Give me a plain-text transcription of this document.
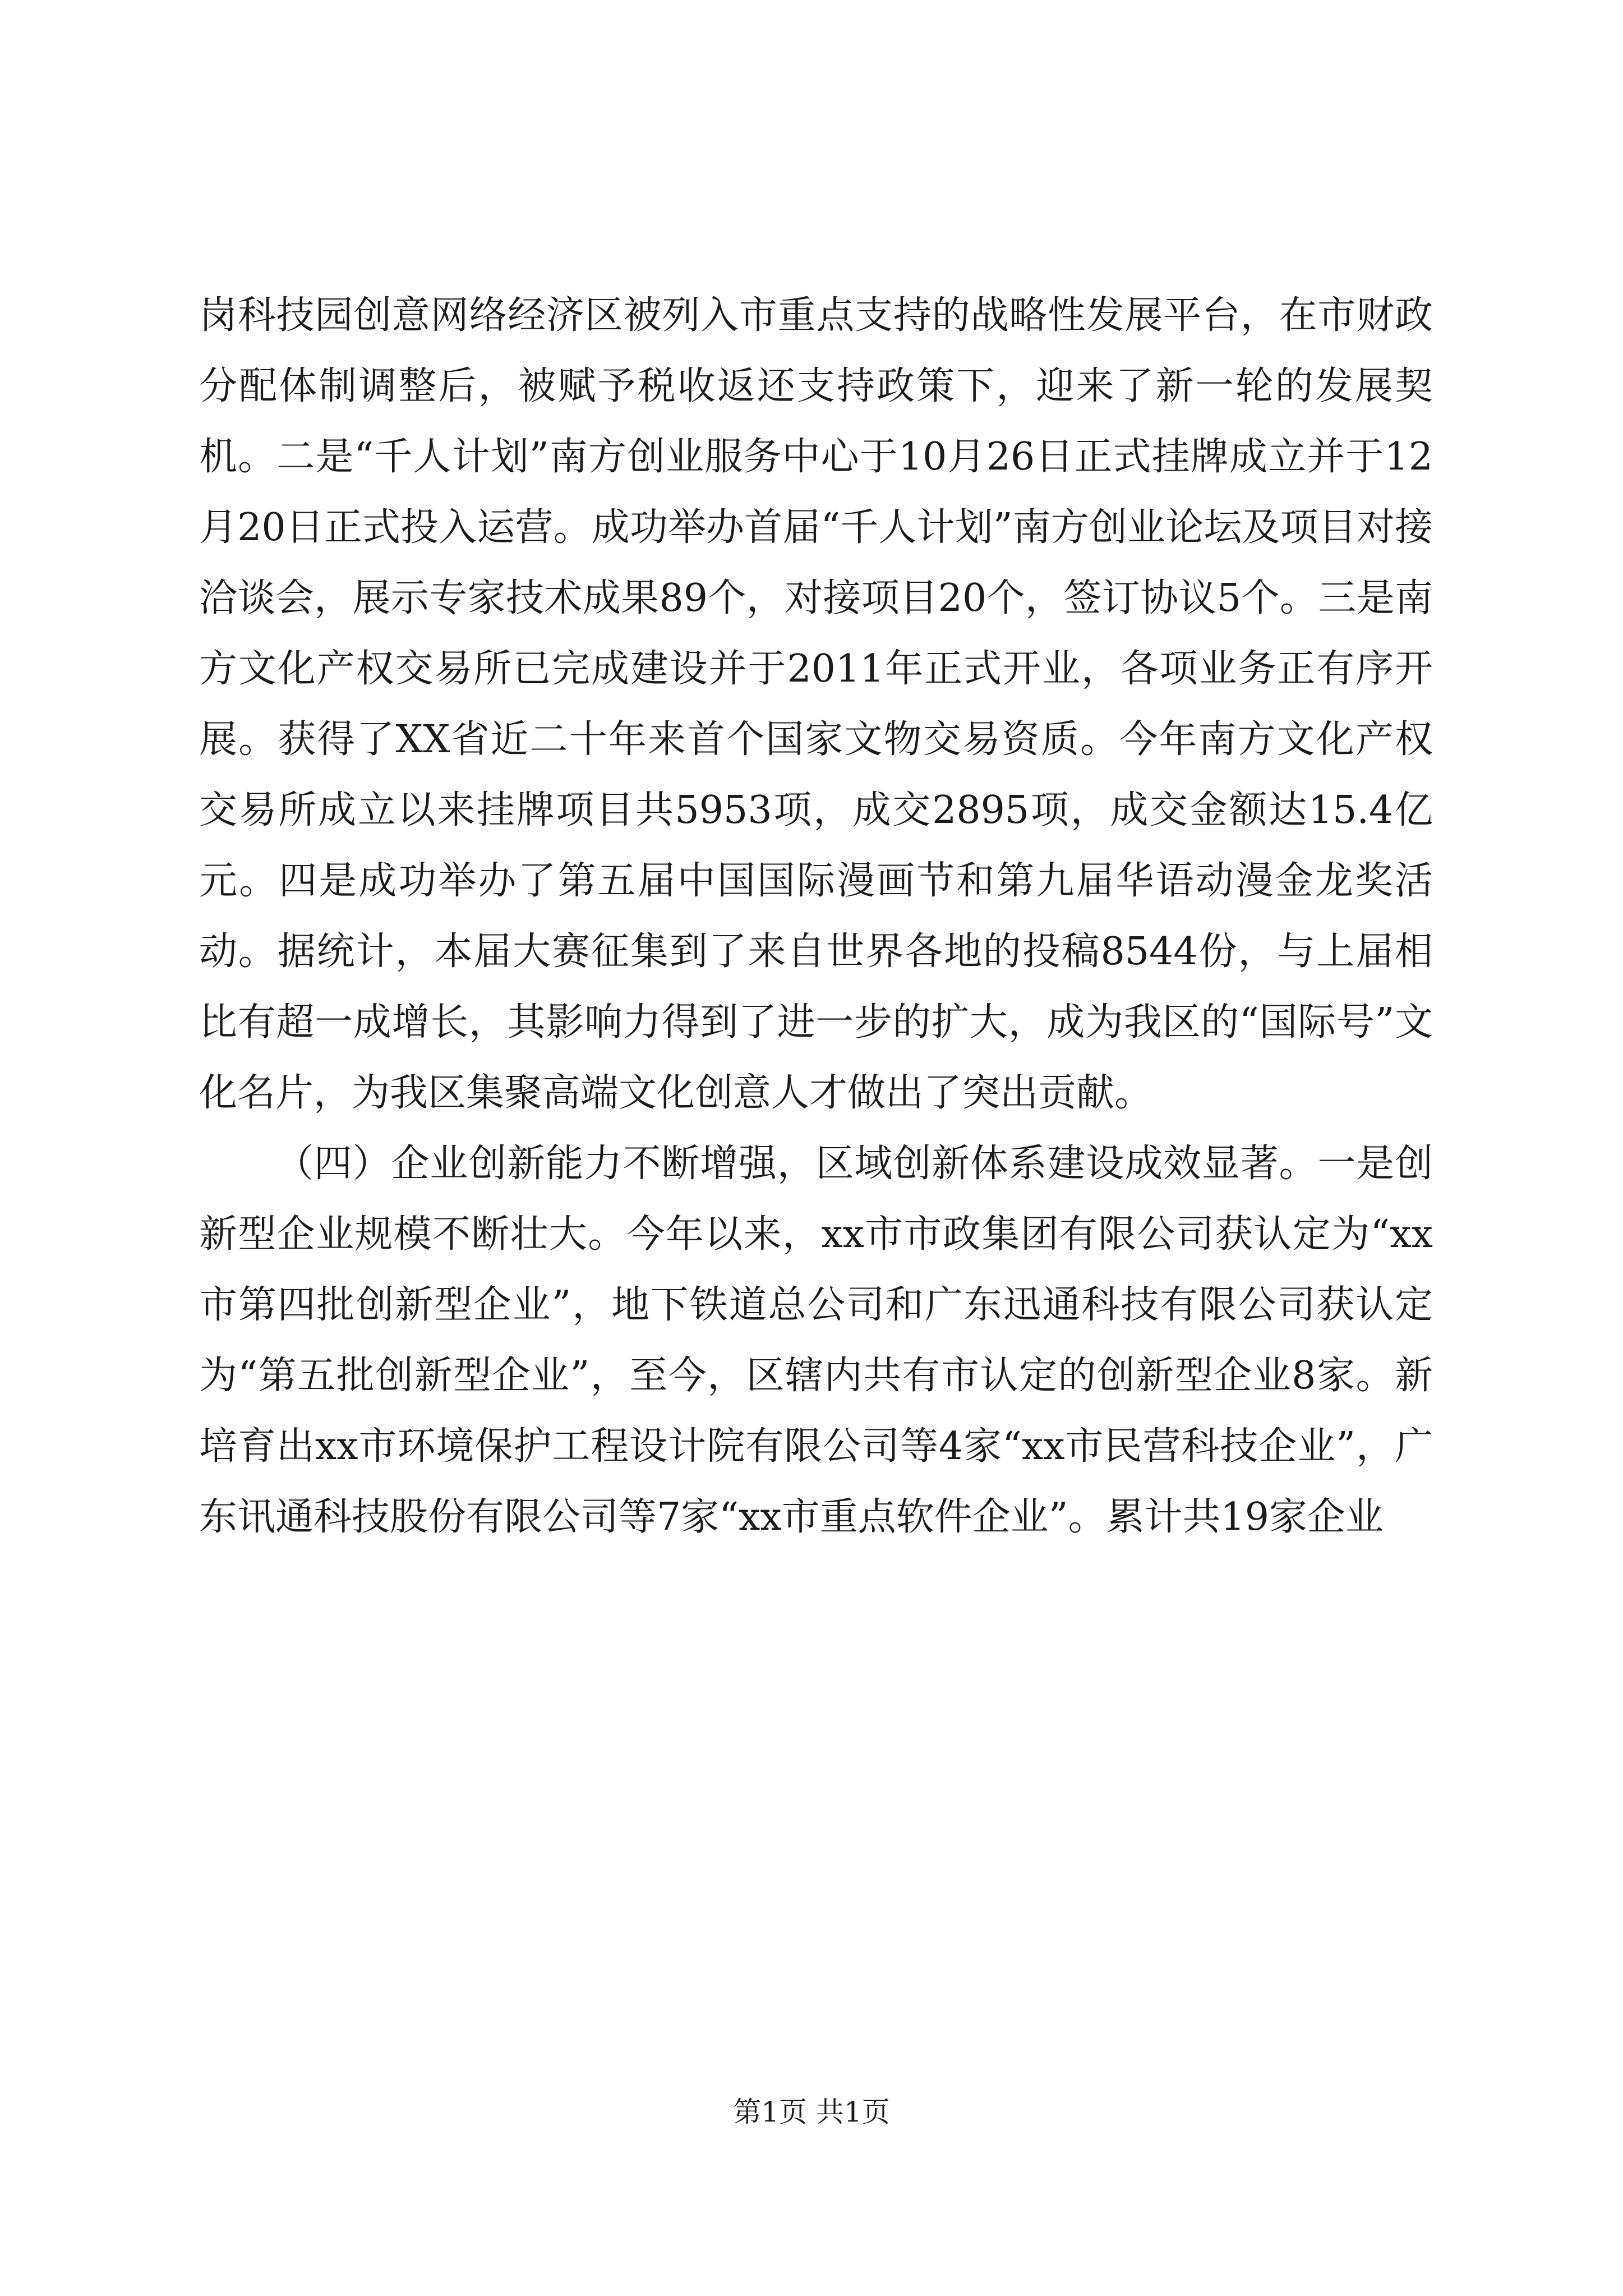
岗科技园创意网络经济区被列入市重点支持的战略性发展平台，在市财政分配体制调整后，被赋予税收返还支持政策下，迎来了新一轮的发展契机。二是“千人计划”南方创业服务中心于10月26日正式挂牌成立并于12月20日正式投入运营。成功举办首届“千人计划”南方创业论坛及项目对接洽谈会，展示专家技术成果89个，对接项目20个，签订协议5个。三是南方文化产权交易所已完成建设并于2011年正式开业，各项业务正有序开展。获得了XX省近二十年来首个国家文物交易资质。今年南方文化产权交易所成立以来挂牌项目共5953项，成交2895项，成交金额达15.4亿元。四是成功举办了第五届中国国际漫画节和第九届华语动漫金龙奖活动。据统计，本届大赛征集到了来自世界各地的投稿8544份，与上届相比有超一成增长，其影响力得到了进一步的扩大，成为我区的“国际号”文化名片，为我区集聚高端文化创意人才做出了突出贡献。

（四）企业创新能力不断增强，区域创新体系建设成效显著。一是创新型企业规模不断壮大。今年以来，xx市市政集团有限公司获认定为“xx市第四批创新型企业”，地下铁道总公司和广东迅通科技有限公司获认定为“第五批创新型企业”，至今，区辖内共有市认定的创新型企业8家。新培育出xx市环境保护工程设计院有限公司等4家“xx市民营科技企业”，广东讯通科技股份有限公司等7家“xx市重点软件企业”。累计共19家企业

第1页 共1页
